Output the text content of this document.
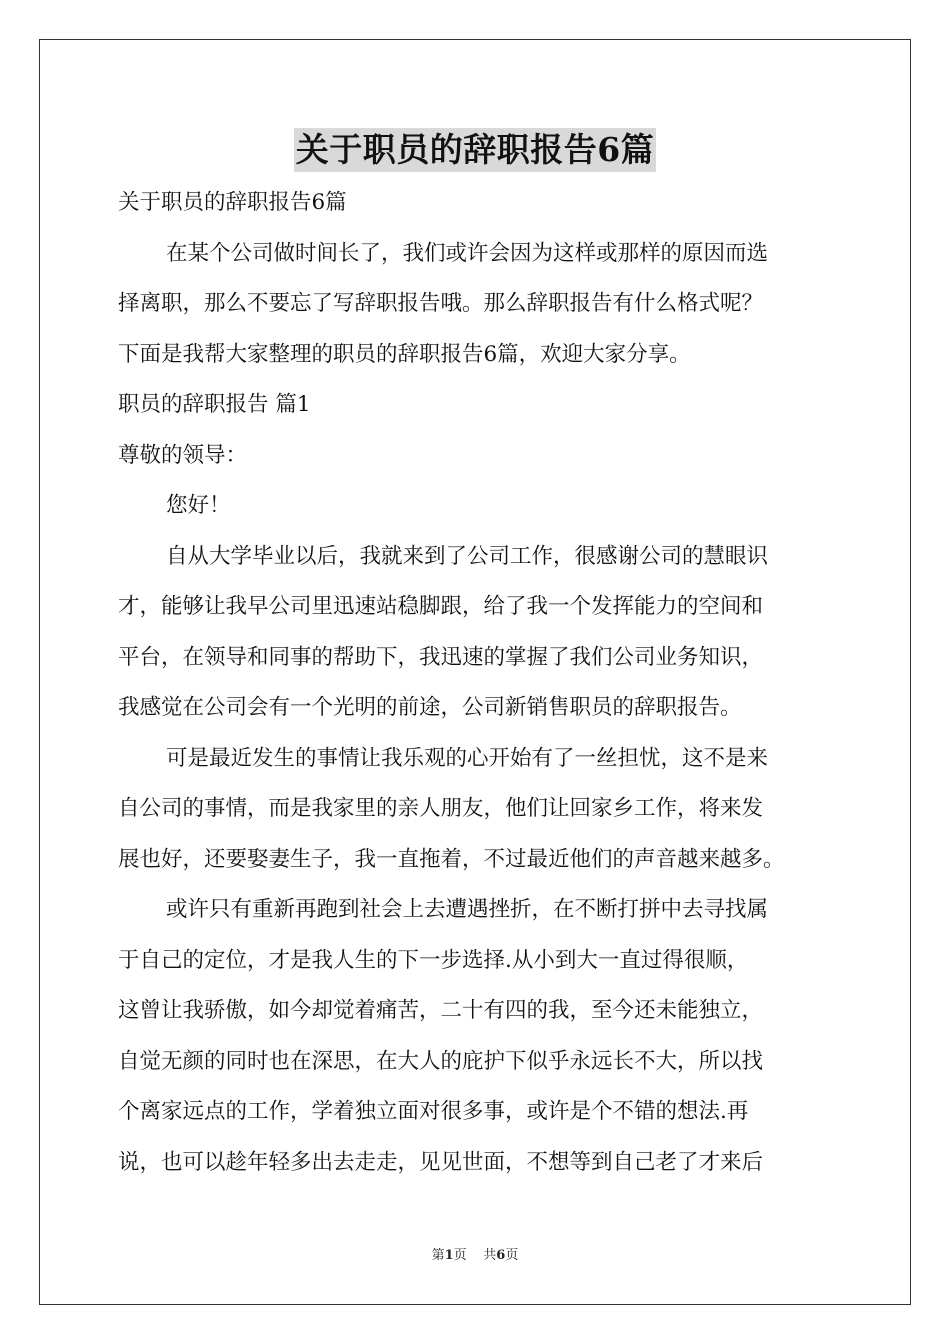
关于职员的辞职报告6篇
关于职员的辞职报告6篇
在某个公司做时间长了，我们或许会因为这样或那样的原因而选
择离职，那么不要忘了写辞职报告哦。那么辞职报告有什么格式呢？
下面是我帮大家整理的职员的辞职报告6篇，欢迎大家分享。
职员的辞职报告 篇1
尊敬的领导：
您好！
自从大学毕业以后，我就来到了公司工作，很感谢公司的慧眼识
才，能够让我早公司里迅速站稳脚跟，给了我一个发挥能力的空间和
平台，在领导和同事的帮助下，我迅速的掌握了我们公司业务知识，
我感觉在公司会有一个光明的前途，公司新销售职员的辞职报告。
可是最近发生的事情让我乐观的心开始有了一丝担忧，这不是来
自公司的事情，而是我家里的亲人朋友，他们让回家乡工作，将来发
展也好，还要娶妻生子，我一直拖着，不过最近他们的声音越来越多。
或许只有重新再跑到社会上去遭遇挫折，在不断打拼中去寻找属
于自己的定位，才是我人生的下一步选择.从小到大一直过得很顺，
这曾让我骄傲，如今却觉着痛苦，二十有四的我，至今还未能独立，
自觉无颜的同时也在深思，在大人的庇护下似乎永远长不大，所以找
个离家远点的工作，学着独立面对很多事，或许是个不错的想法.再
说，也可以趁年轻多出去走走，见见世面，不想等到自己老了才来后
第1页 共6页
